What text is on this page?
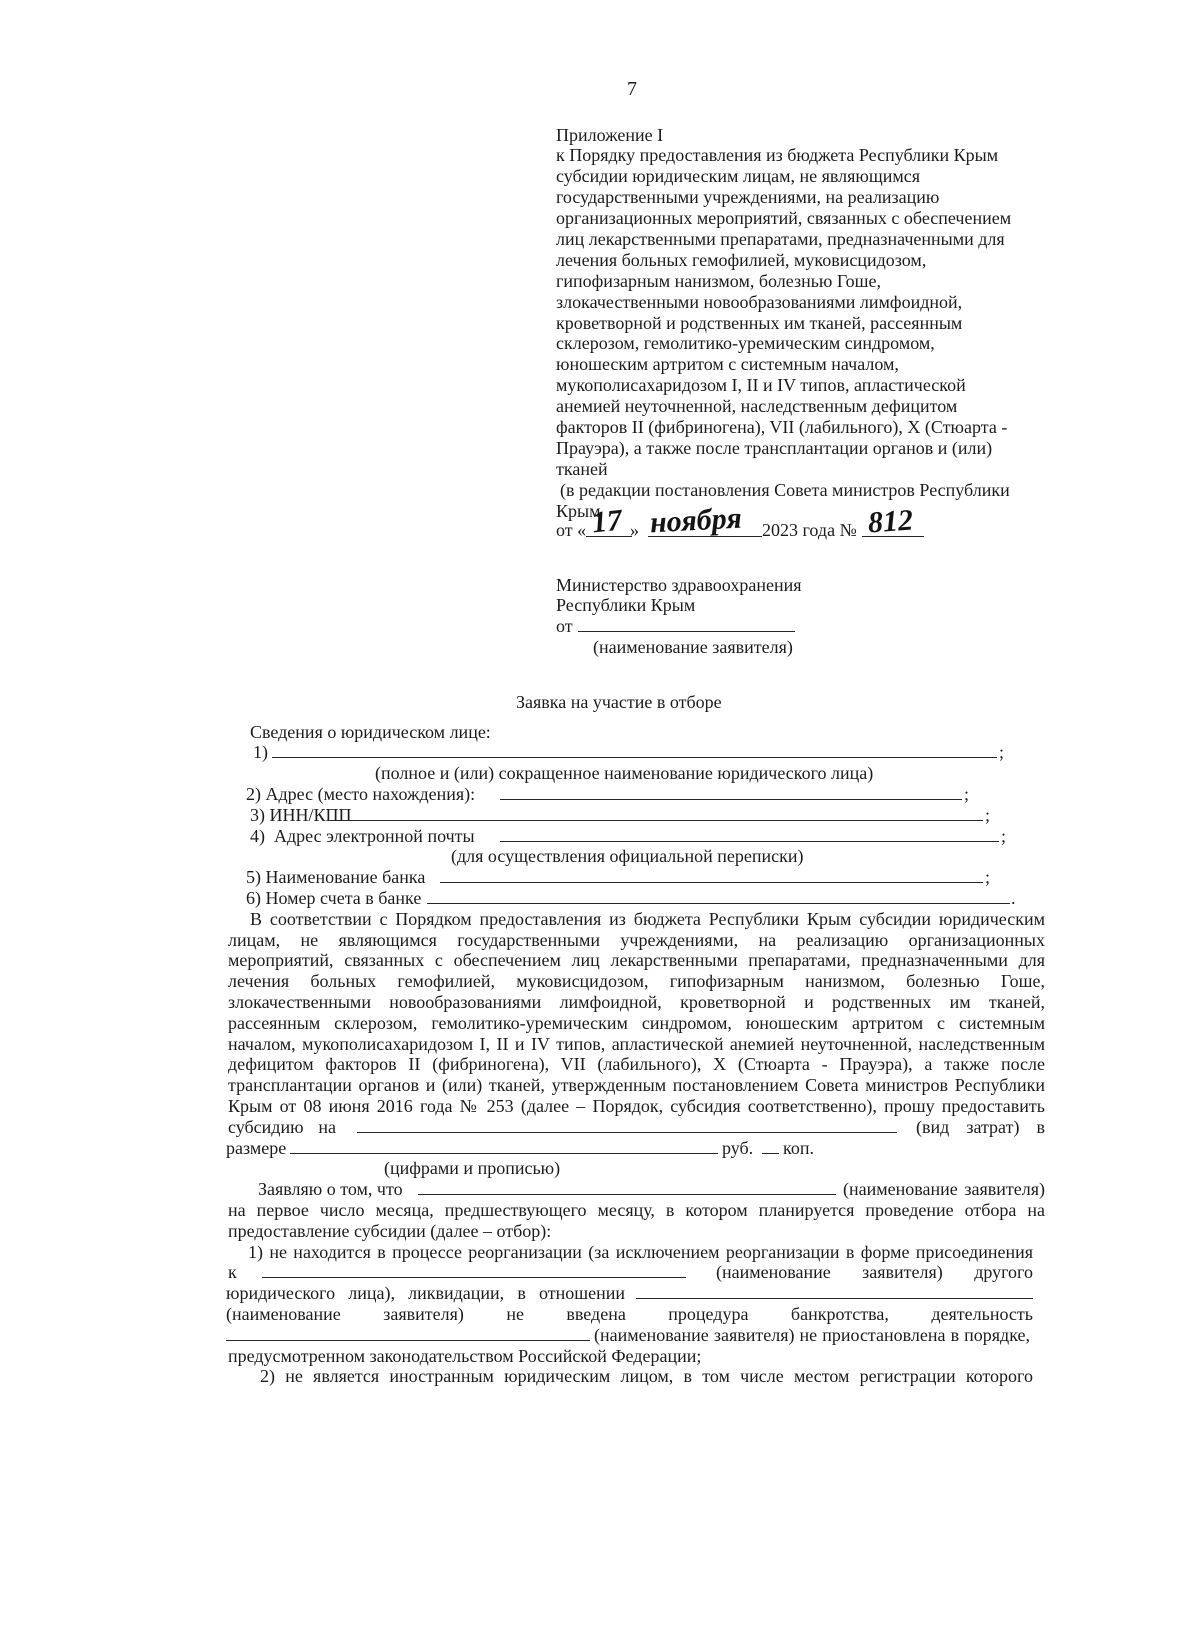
7
Приложение I
к Порядку предоставления из бюджета Республики Крым
субсидии юридическим лицам, не являющимся
государственными учреждениями, на реализацию
организационных мероприятий, связанных с обеспечением
лиц лекарственными препаратами, предназначенными для
лечения больных гемофилией, муковисцидозом,
гипофизарным нанизмом, болезнью Гоше,
злокачественными новообразованиями лимфоидной,
кроветворной и родственных им тканей, рассеянным
склерозом, гемолитико-уремическим синдромом,
юношеским артритом с системным началом,
мукополисахаридозом I, II и IV типов, апластической
анемией неуточненной, наследственным дефицитом
факторов II (фибриногена), VII (лабильного), X (Стюарта -
Прауэра), а также после трансплантации органов и (или)
тканей
(в редакции постановления Совета министров Республики
Крым
от « 17 » ноября 2023 года № 812
Министерство здравоохранения
Республики Крым
от
(наименование заявителя)
Заявка на участие в отборе
Сведения о юридическом лице:
1)	;
(полное и (или) сокращенное наименование юридического лица)
2) Адрес (место нахождения):	;
3) ИНН/КПП	;
4)  Адрес электронной почты	;
(для осуществления официальной переписки)
5) Наименование банка	;
6) Номер счета в банке	.
В соответствии с Порядком предоставления из бюджета Республики Крым субсидии юридическим
лицам, не являющимся государственными учреждениями, на реализацию организационных
мероприятий, связанных с обеспечением лиц лекарственными препаратами, предназначенными для
лечения больных гемофилией, муковисцидозом, гипофизарным нанизмом, болезнью Гоше,
злокачественными новообразованиями лимфоидной, кроветворной и родственных им тканей,
рассеянным склерозом, гемолитико-уремическим синдромом, юношеским артритом с системным
началом, мукополисахаридозом I, II и IV типов, апластической анемией неуточненной, наследственным
дефицитом факторов II (фибриногена), VII (лабильного), X (Стюарта - Прауэра), а также после
трансплантации органов и (или) тканей, утвержденным постановлением Совета министров Республики
Крым от 08 июня 2016 года № 253 (далее – Порядок, субсидия соответственно), прошу предоставить
субсидию на	(вид затрат) в
размере	руб. коп.
(цифрами и прописью)
Заявляю о том, что	(наименование заявителя)
на первое число месяца, предшествующего месяцу, в котором планируется проведение отбора на
предоставление субсидии (далее – отбор):
1) не находится в процессе реорганизации (за исключением реорганизации в форме присоединения
к	(наименование заявителя) другого
юридического лица), ликвидации, в отношении
(наименование заявителя) не введена процедура банкротства, деятельность
(наименование заявителя) не приостановлена в порядке,
предусмотренном законодательством Российской Федерации;
2) не является иностранным юридическим лицом, в том числе местом регистрации которого
